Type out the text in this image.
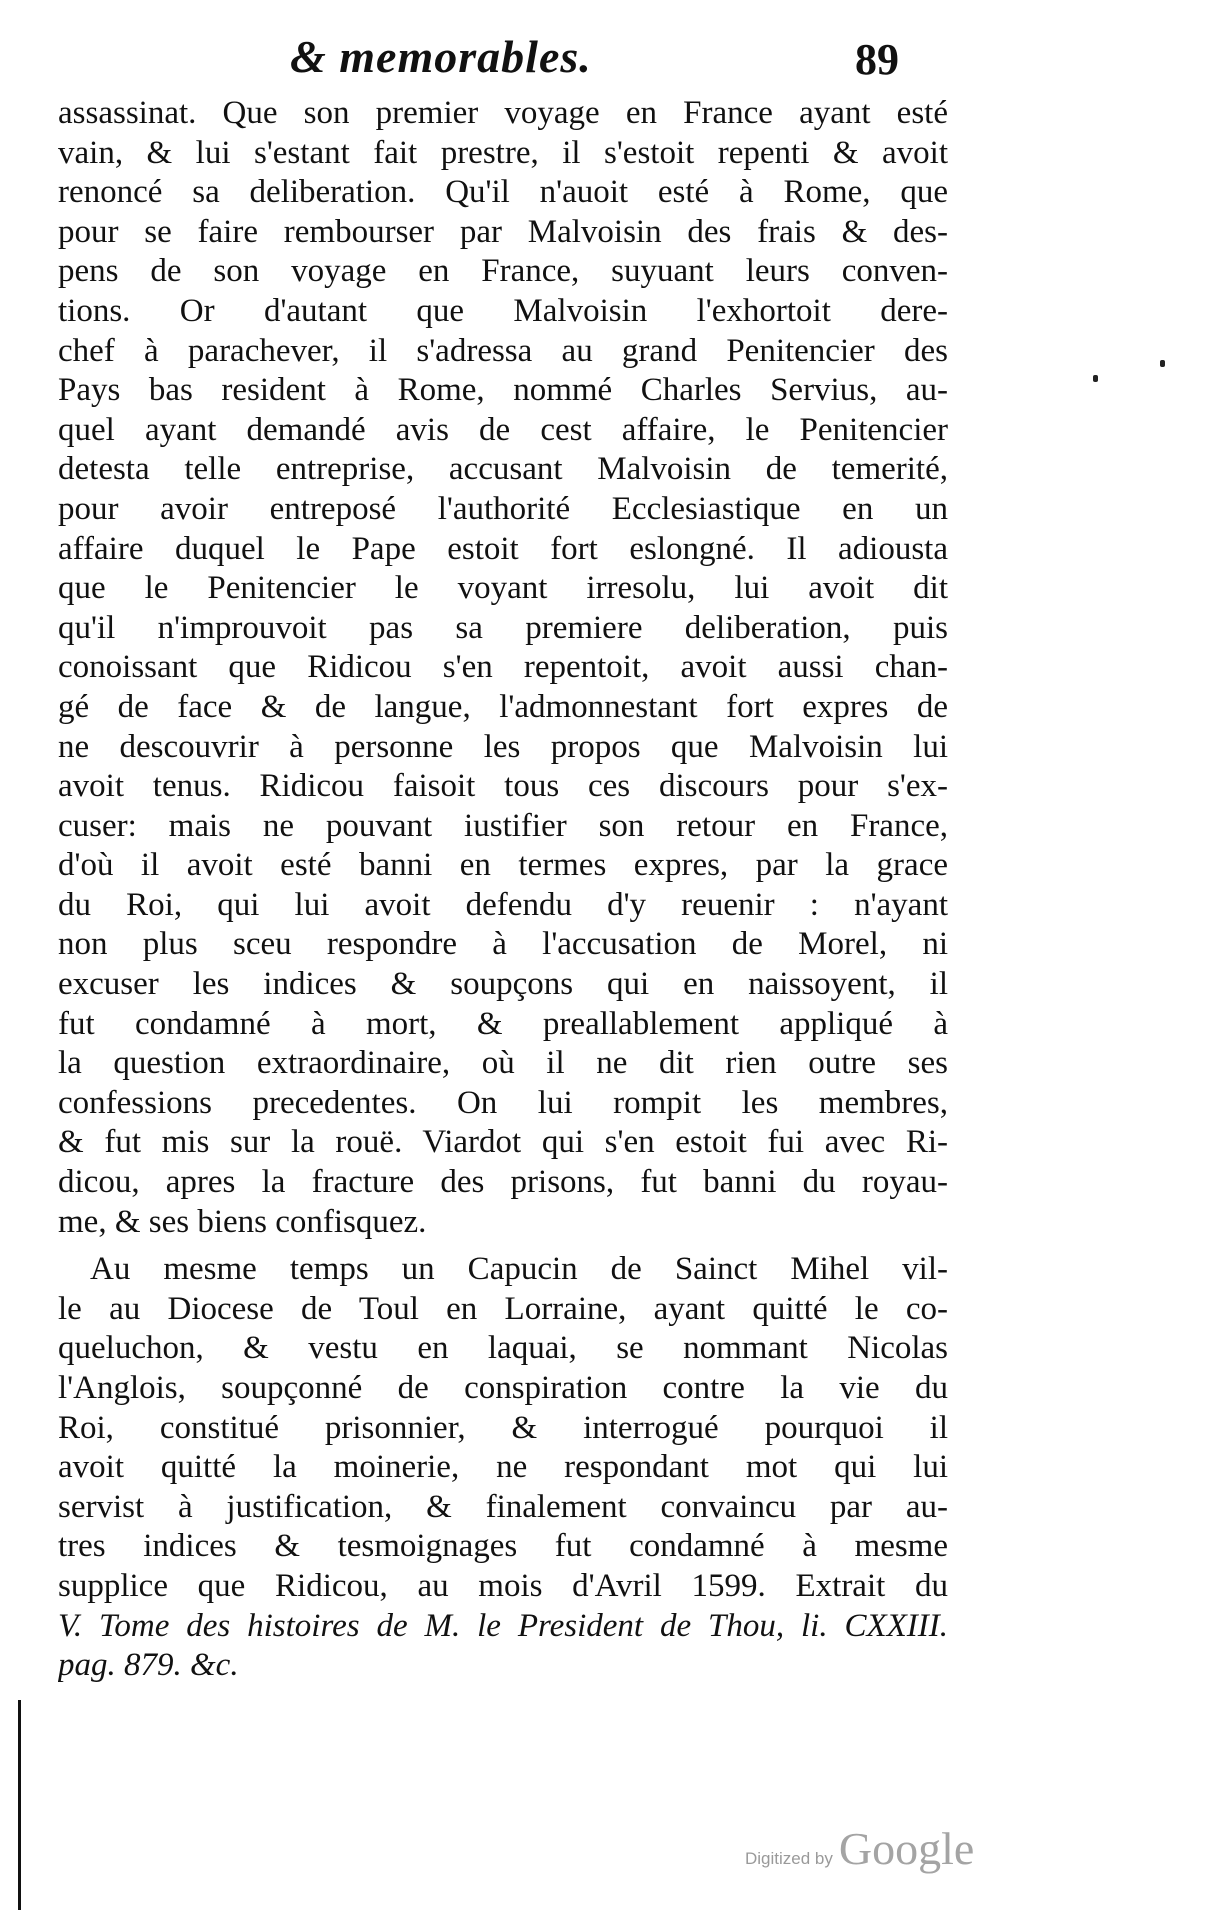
& memorables.	89
assassinat. Que son premier voyage en France ayant esté
vain, & lui s'estant fait prestre, il s'estoit repenti & avoit
renoncé sa deliberation. Qu'il n'auoit esté à Rome, que
pour se faire rembourser par Malvoisin des frais & des-
pens de son voyage en France, suyuant leurs conven-
tions. Or d'autant que Malvoisin l'exhortoit dere-
chef à parachever, il s'adressa au grand Penitencier des
Pays bas resident à Rome, nommé Charles Servius, au-
quel ayant demandé avis de cest affaire, le Penitencier
detesta telle entreprise, accusant Malvoisin de temerité,
pour avoir entreposé l'authorité Ecclesiastique en un
affaire duquel le Pape estoit fort eslongné. Il adiousta
que le Penitencier le voyant irresolu, lui avoit dit
qu'il n'improuvoit pas sa premiere deliberation, puis
conoissant que Ridicou s'en repentoit, avoit aussi chan-
gé de face & de langue, l'admonnestant fort expres de
ne descouvrir à personne les propos que Malvoisin lui
avoit tenus. Ridicou faisoit tous ces discours pour s'ex-
cuser: mais ne pouvant iustifier son retour en France,
d'où il avoit esté banni en termes expres, par la grace
du Roi, qui lui avoit defendu d'y reuenir : n'ayant
non plus sceu respondre à l'accusation de Morel, ni
excuser les indices & soupçons qui en naissoyent, il
fut condamné à mort, & preallablement appliqué à
la question extraordinaire, où il ne dit rien outre ses
confessions precedentes. On lui rompit les membres,
& fut mis sur la rouë. Viardot qui s'en estoit fui avec Ri-
dicou, apres la fracture des prisons, fut banni du royau-
me, & ses biens confisquez.
Au mesme temps un Capucin de Sainct Mihel vil-
le au Diocese de Toul en Lorraine, ayant quitté le co-
queluchon, & vestu en laquai, se nommant Nicolas
l'Anglois, soupçonné de conspiration contre la vie du
Roi, constitué prisonnier, & interrogué pourquoi il
avoit quitté la moinerie, ne respondant mot qui lui
servist à justification, & finalement convaincu par au-
tres indices & tesmoignages fut condamné à mesme
supplice que Ridicou, au mois d'Avril 1599. Extrait du
V. Tome des histoires de M. le President de Thou, li. CXXIII.
pag. 879. &c.
Digitized by Google
